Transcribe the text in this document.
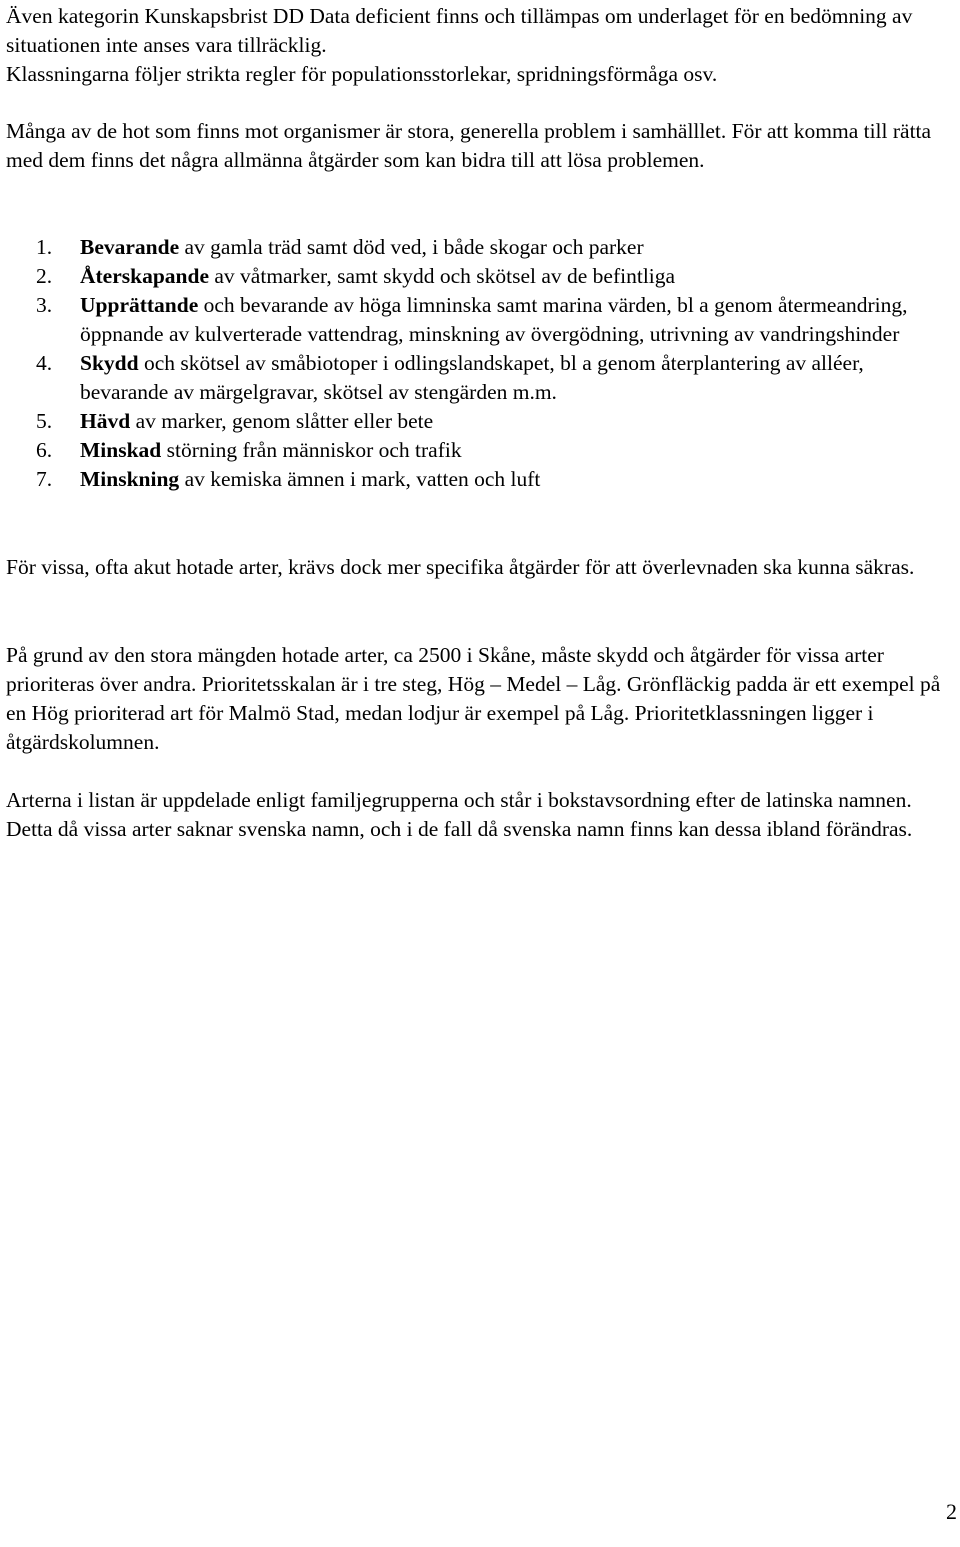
Även kategorin Kunskapsbrist DD Data deficient finns och tillämpas om underlaget för en bedömning av situationen inte anses vara tillräcklig.

Klassningarna följer strikta regler för populationsstorlekar, spridningsförmåga osv.

Många av de hot som finns mot organismer är stora, generella problem i samhälllet. För att komma till rätta med dem finns det några allmänna åtgärder som kan bidra till att lösa problemen.

1. Bevarande av gamla träd samt död ved, i både skogar och parker
2. Återskapande av våtmarker, samt skydd och skötsel av de befintliga
3. Upprättande och bevarande av höga limninska samt marina värden, bl a genom återmeandring, öppnande av kulverterade vattendrag, minskning av övergödning, utrivning av vandringshinder
4. Skydd och skötsel av småbiotoper i odlingslandskapet, bl a genom återplantering av alléer, bevarande av märgelgravar, skötsel av stengärden m.m.
5. Hävd av marker, genom slåtter eller bete
6. Minskad störning från människor och trafik
7. Minskning av kemiska ämnen i mark, vatten och luft

För vissa, ofta akut hotade arter, krävs dock mer specifika åtgärder för att överlevnaden ska kunna säkras.

På grund av den stora mängden hotade arter, ca 2500 i Skåne, måste skydd och åtgärder för vissa arter prioriteras över andra. Prioritetsskalan är i tre steg, Hög – Medel – Låg. Grönfläckig padda är ett exempel på en Hög prioriterad art för Malmö Stad, medan lodjur är exempel på Låg. Prioritetklassningen ligger i åtgärdskolumnen.

Arterna i listan är uppdelade enligt familjegrupperna och står i bokstavsordning efter de latinska namnen. Detta då vissa arter saknar svenska namn, och i de fall då svenska namn finns kan dessa ibland förändras.

2
